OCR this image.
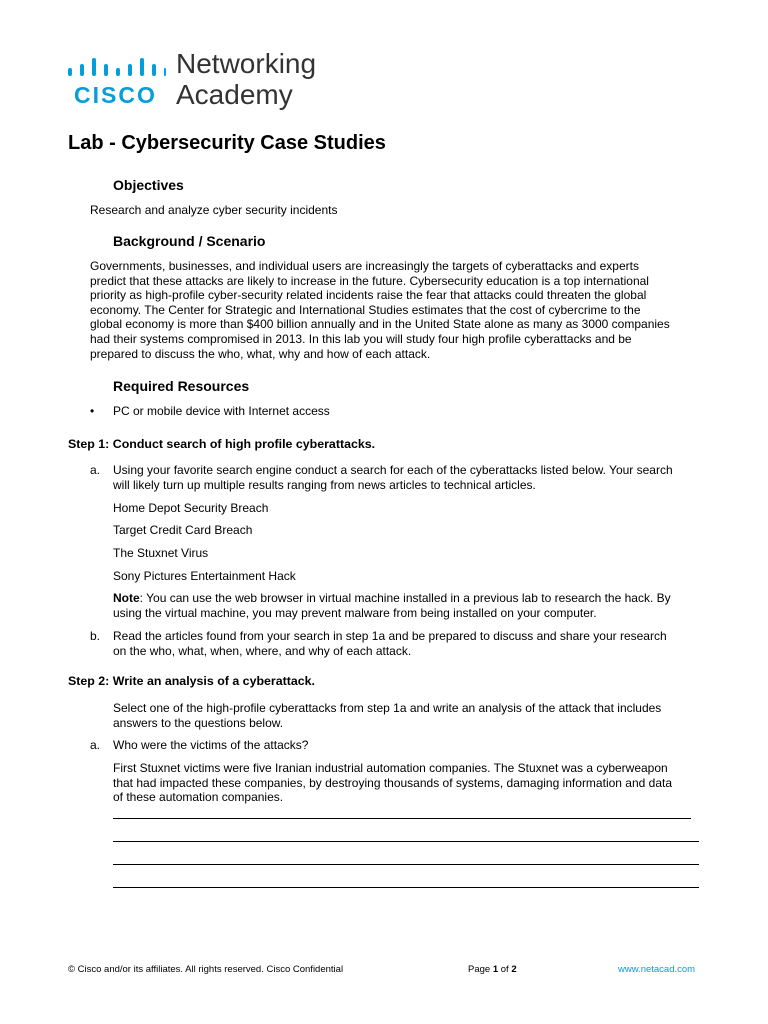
CISCO
Networking
Academy
Lab - Cybersecurity Case Studies
Objectives
Research and analyze cyber security incidents
Background / Scenario
Governments, businesses, and individual users are increasingly the targets of cyberattacks and experts
predict that these attacks are likely to increase in the future. Cybersecurity education is a top international
priority as high-profile cyber-security related incidents raise the fear that attacks could threaten the global
economy. The Center for Strategic and International Studies estimates that the cost of cybercrime to the
global economy is more than $400 billion annually and in the United State alone as many as 3000 companies
had their systems compromised in 2013. In this lab you will study four high profile cyberattacks and be
prepared to discuss the who, what, why and how of each attack.
Required Resources
• PC or mobile device with Internet access
Step 1: Conduct search of high profile cyberattacks.
a. Using your favorite search engine conduct a search for each of the cyberattacks listed below. Your search
will likely turn up multiple results ranging from news articles to technical articles.
Home Depot Security Breach
Target Credit Card Breach
The Stuxnet Virus
Sony Pictures Entertainment Hack
Note: You can use the web browser in virtual machine installed in a previous lab to research the hack. By
using the virtual machine, you may prevent malware from being installed on your computer.
b. Read the articles found from your search in step 1a and be prepared to discuss and share your research
on the who, what, when, where, and why of each attack.
Step 2: Write an analysis of a cyberattack.
Select one of the high-profile cyberattacks from step 1a and write an analysis of the attack that includes
answers to the questions below.
a. Who were the victims of the attacks?
First Stuxnet victims were five Iranian industrial automation companies. The Stuxnet was a cyberweapon
that had impacted these companies, by destroying thousands of systems, damaging information and data
of these automation companies.
© Cisco and/or its affiliates. All rights reserved. Cisco Confidential	Page 1 of 2	www.netacad.com
